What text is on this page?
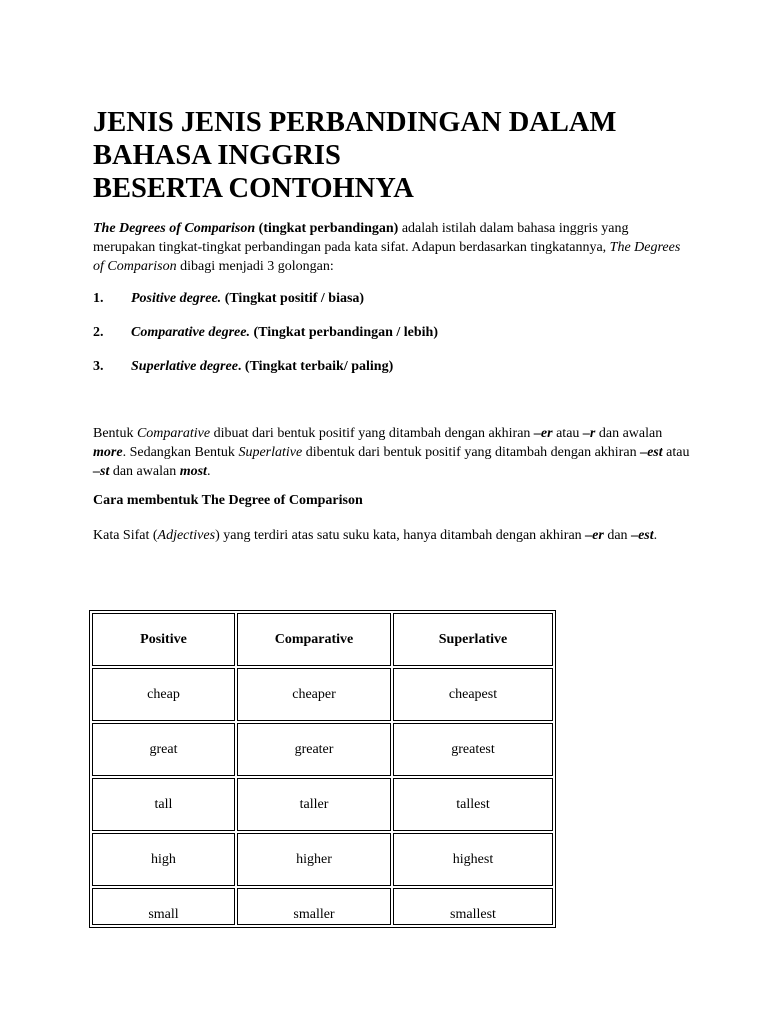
JENIS JENIS PERBANDINGAN DALAM
BAHASA INGGRIS
BESERTA CONTOHNYA

The Degrees of Comparison (tingkat perbandingan) adalah istilah dalam bahasa inggris yang merupakan tingkat-tingkat perbandingan pada kata sifat. Adapun berdasarkan tingkatannya, The Degrees of Comparison dibagi menjadi 3 golongan:

1. Positive degree. (Tingkat positif / biasa)
2. Comparative degree. (Tingkat perbandingan / lebih)
3. Superlative degree. (Tingkat terbaik/ paling)

Bentuk Comparative dibuat dari bentuk positif yang ditambah dengan akhiran –er atau –r dan awalan more. Sedangkan Bentuk Superlative dibentuk dari bentuk positif yang ditambah dengan akhiran –est atau –st dan awalan most.

Cara membentuk The Degree of Comparison

Kata Sifat (Adjectives) yang terdiri atas satu suku kata, hanya ditambah dengan akhiran –er dan –est.

Positive	Comparative	Superlative
cheap	cheaper	cheapest
great	greater	greatest
tall	taller	tallest
high	higher	highest
small	smaller	smallest
